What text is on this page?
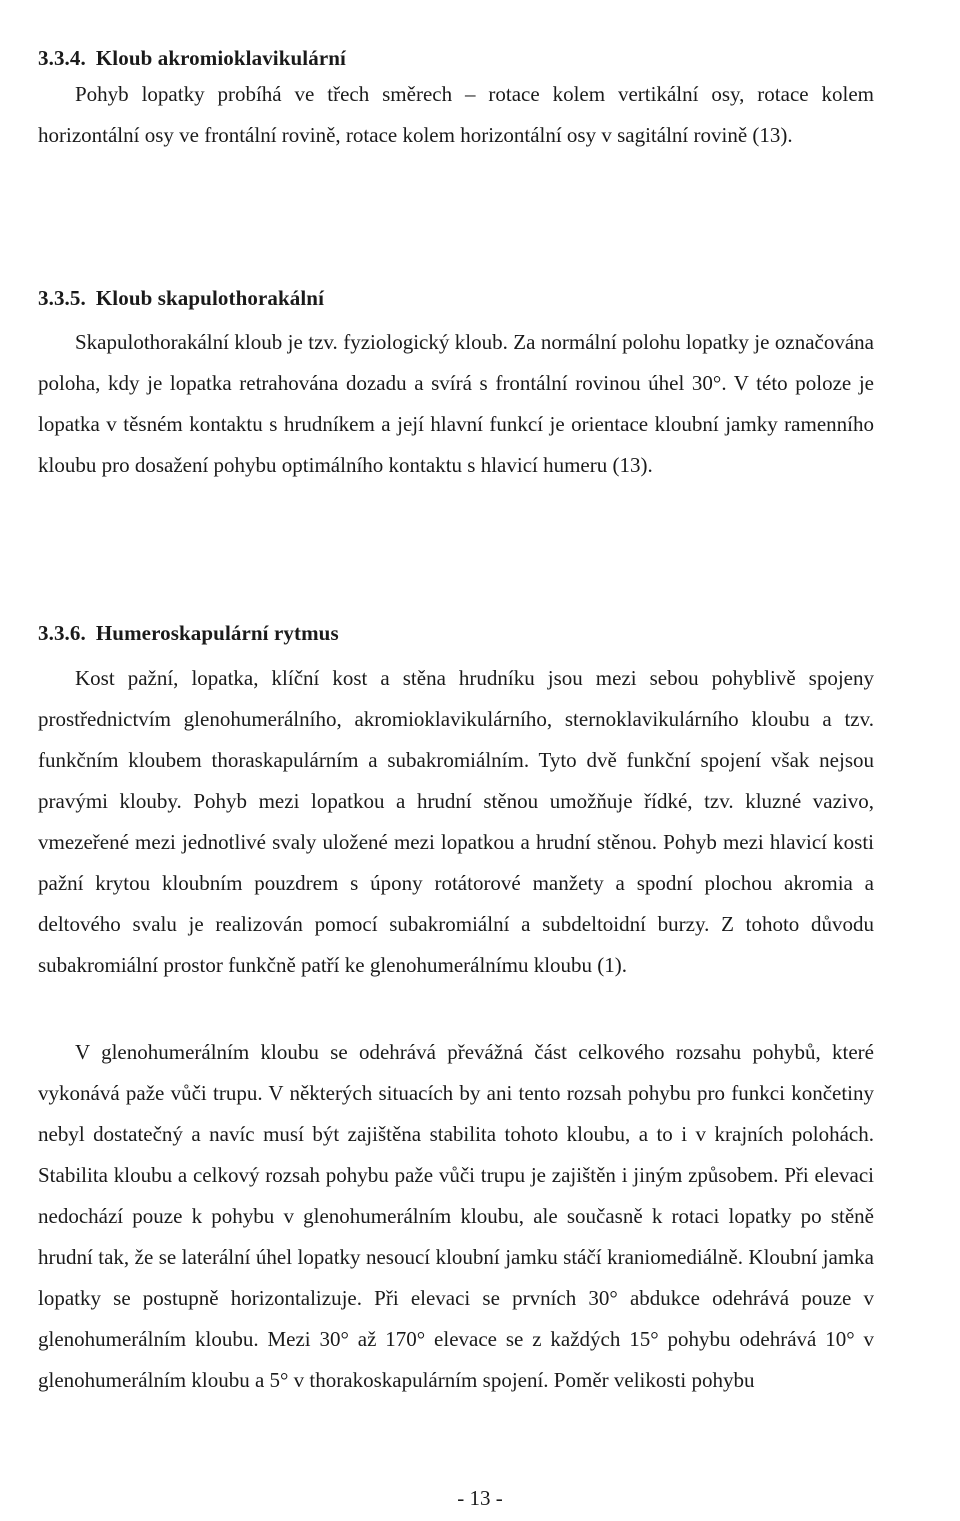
3.3.4. Kloub akromioklavikulární

Pohyb lopatky probíhá ve třech směrech – rotace kolem vertikální osy, rotace kolem horizontální osy ve frontální rovině, rotace kolem horizontální osy v sagitální rovině (13).

3.3.5. Kloub skapulothorakální

Skapulothorakální kloub je tzv. fyziologický kloub. Za normální polohu lopatky je označována poloha, kdy je lopatka retrahována dozadu a svírá s frontální rovinou úhel 30°. V této poloze je lopatka v těsném kontaktu s hrudníkem a její hlavní funkcí je orientace kloubní jamky ramenního kloubu pro dosažení pohybu optimálního kontaktu s hlavicí humeru (13).

3.3.6. Humeroskapulární rytmus

Kost pažní, lopatka, klíční kost a stěna hrudníku jsou mezi sebou pohyblivě spojeny prostřednictvím glenohumerálního, akromioklavikulárního, sternoklavikulárního kloubu a tzv. funkčním kloubem thoraskapulárním a subakromiálním. Tyto dvě funkční spojení však nejsou pravými klouby. Pohyb mezi lopatkou a hrudní stěnou umožňuje řídké, tzv. kluzné vazivo, vmezeřené mezi jednotlivé svaly uložené mezi lopatkou a hrudní stěnou. Pohyb mezi hlavicí kosti pažní krytou kloubním pouzdrem s úpony rotátorové manžety a spodní plochou akromia a deltového svalu je realizován pomocí subakromiální a subdeltoidní burzy. Z tohoto důvodu subakromiální prostor funkčně patří ke glenohumerálnímu kloubu (1).

V glenohumerálním kloubu se odehrává převážná část celkového rozsahu pohybů, které vykonává paže vůči trupu. V některých situacích by ani tento rozsah pohybu pro funkci končetiny nebyl dostatečný a navíc musí být zajištěna stabilita tohoto kloubu, a to i v krajních polohách. Stabilita kloubu a celkový rozsah pohybu paže vůči trupu je zajištěn i jiným způsobem. Při elevaci nedochází pouze k pohybu v glenohumerálním kloubu, ale současně k rotaci lopatky po stěně hrudní tak, že se laterální úhel lopatky nesoucí kloubní jamku stáčí kraniomediálně. Kloubní jamka lopatky se postupně horizontalizuje. Při elevaci se prvních 30° abdukce odehrává pouze v glenohumerálním kloubu. Mezi 30° až 170° elevace se z každých 15° pohybu odehrává 10° v glenohumerálním kloubu a 5° v thorakoskapulárním spojení. Poměr velikosti pohybu

- 13 -
